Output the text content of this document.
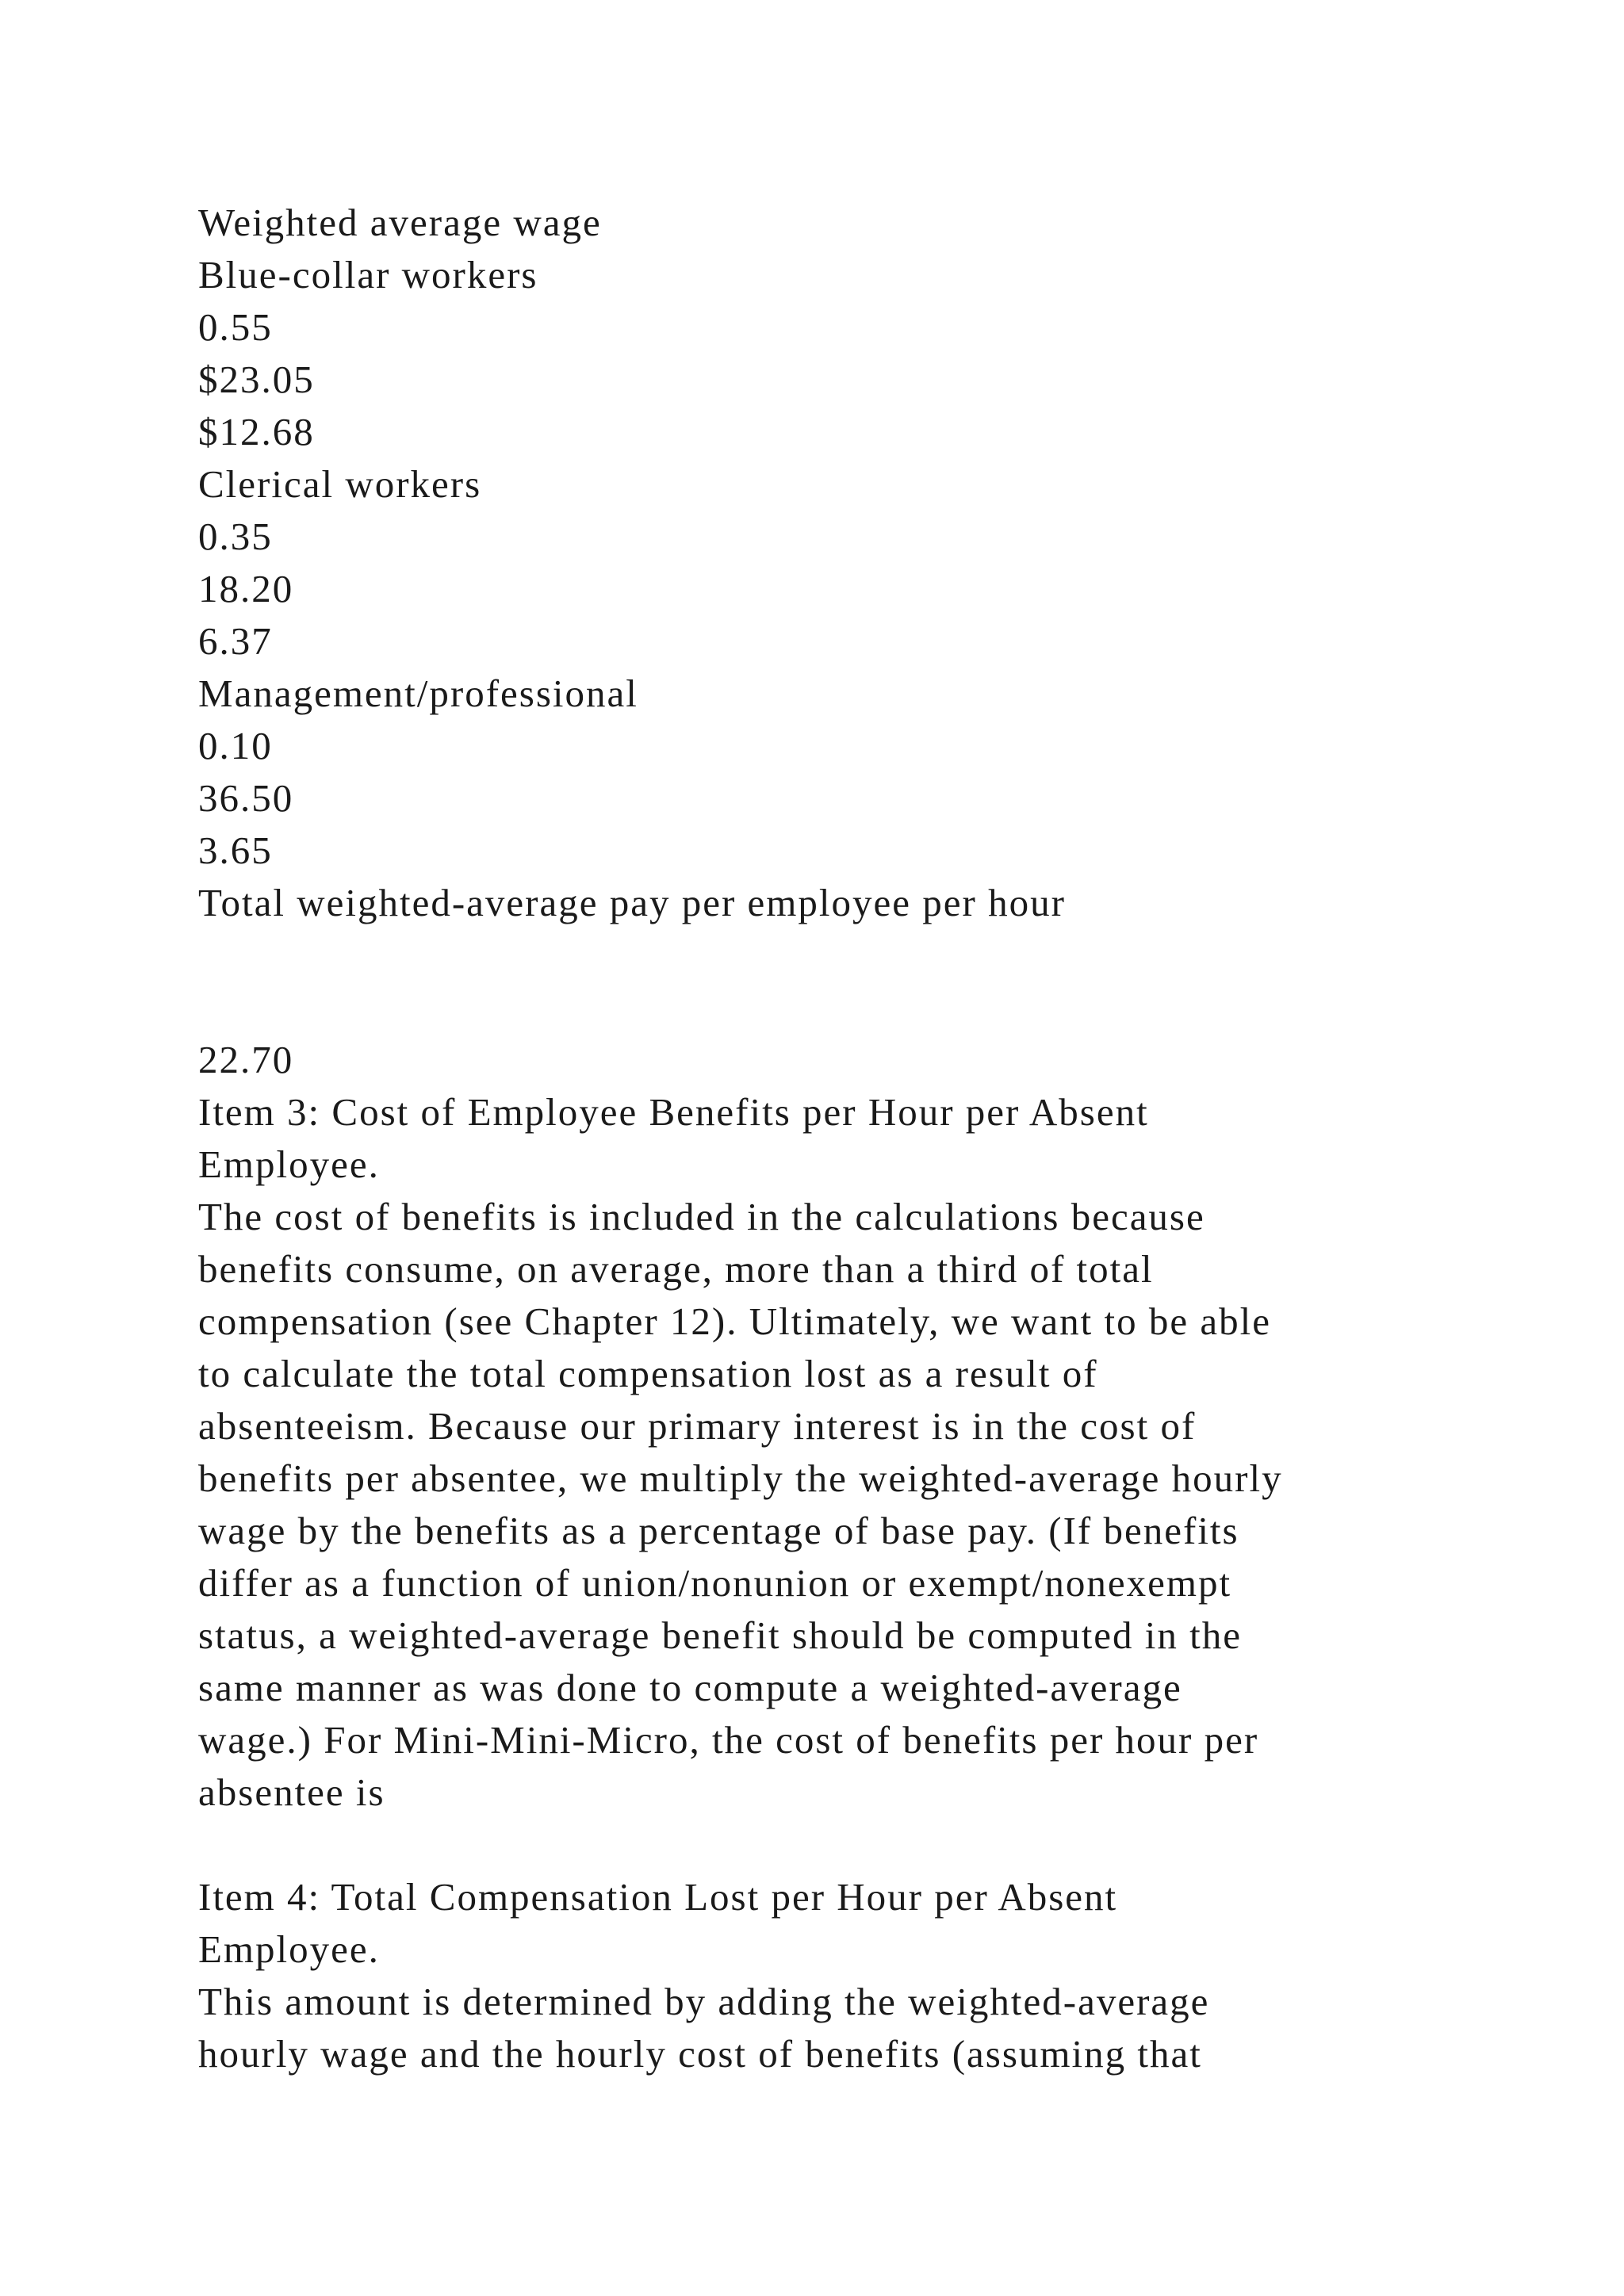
Weighted average wage
Blue-collar workers
0.55
$23.05
$12.68
Clerical workers
0.35
18.20
6.37
Management/professional
0.10
36.50
3.65
Total weighted-average pay per employee per hour
22.70
Item 3: Cost of Employee Benefits per Hour per Absent
Employee.
The cost of benefits is included in the calculations because
benefits consume, on average, more than a third of total
compensation (see Chapter 12). Ultimately, we want to be able
to calculate the total compensation lost as a result of
absenteeism. Because our primary interest is in the cost of
benefits per absentee, we multiply the weighted-average hourly
wage by the benefits as a percentage of base pay. (If benefits
differ as a function of union/nonunion or exempt/nonexempt
status, a weighted-average benefit should be computed in the
same manner as was done to compute a weighted-average
wage.) For Mini-Mini-Micro, the cost of benefits per hour per
absentee is
Item 4: Total Compensation Lost per Hour per Absent
Employee.
This amount is determined by adding the weighted-average
hourly wage and the hourly cost of benefits (assuming that
